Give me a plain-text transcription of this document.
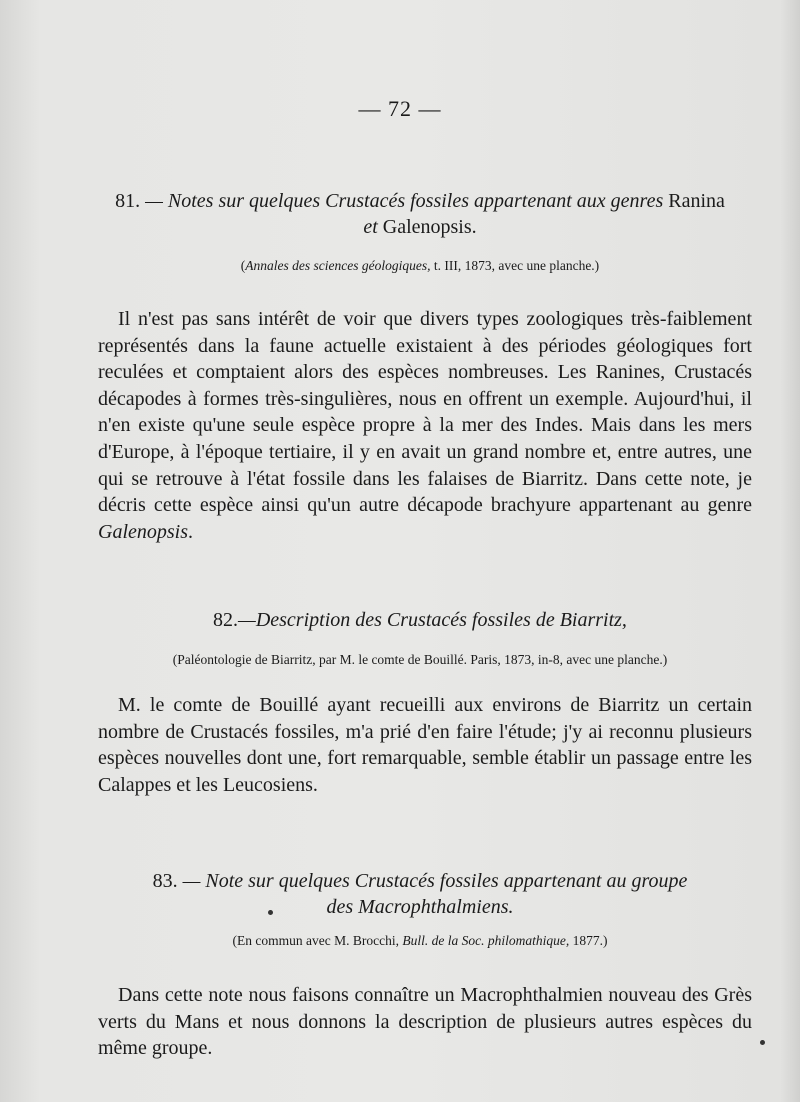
— 72 —
81. — Notes sur quelques Crustacés fossiles appartenant aux genres Ranina
et Galenopsis.
(Annales des sciences géologiques, t. III, 1873, avec une planche.)
Il n'est pas sans intérêt de voir que divers types zoologiques très-faiblement représentés dans la faune actuelle existaient à des périodes géologiques fort reculées et comptaient alors des espèces nombreuses. Les Ranines, Crustacés décapodes à formes très-singulières, nous en offrent un exemple. Aujourd'hui, il n'en existe qu'une seule espèce propre à la mer des Indes. Mais dans les mers d'Europe, à l'époque tertiaire, il y en avait un grand nombre et, entre autres, une qui se retrouve à l'état fossile dans les falaises de Biarritz. Dans cette note, je décris cette espèce ainsi qu'un autre décapode brachyure appartenant au genre Galenopsis.
82.—Description des Crustacés fossiles de Biarritz,
(Paléontologie de Biarritz, par M. le comte de Bouillé. Paris, 1873, in-8, avec une planche.)
M. le comte de Bouillé ayant recueilli aux environs de Biarritz un certain nombre de Crustacés fossiles, m'a prié d'en faire l'étude; j'y ai reconnu plusieurs espèces nouvelles dont une, fort remarquable, semble établir un passage entre les Calappes et les Leucosiens.
83. — Note sur quelques Crustacés fossiles appartenant au groupe
des Macrophthalmiens.
(En commun avec M. Brocchi, Bull. de la Soc. philomathique, 1877.)
Dans cette note nous faisons connaître un Macrophthalmien nouveau des Grès verts du Mans et nous donnons la description de plusieurs autres espèces du même groupe.
